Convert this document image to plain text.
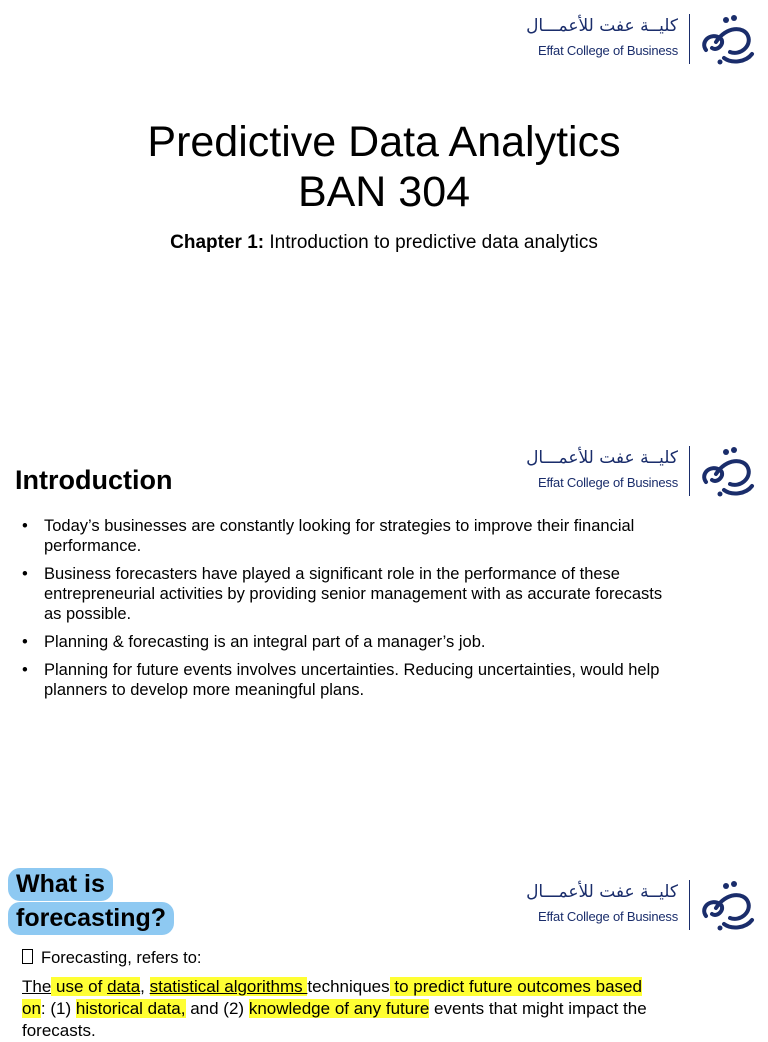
كليــة عفت للأعمـــال
Effat College of Business
Predictive Data Analytics
BAN 304
Chapter 1: Introduction to predictive data analytics
كليــة عفت للأعمـــال
Effat College of Business
Introduction
• Today’s businesses are constantly looking for strategies to improve their financial performance.
• Business forecasters have played a significant role in the performance of these entrepreneurial activities by providing senior management with as accurate forecasts as possible.
• Planning & forecasting is an integral part of a manager’s job.
• Planning for future events involves uncertainties. Reducing uncertainties, would help planners to develop more meaningful plans.
كليــة عفت للأعمـــال
Effat College of Business
What is
forecasting?
Forecasting, refers to:
The use of data, statistical algorithms techniques to predict future outcomes based on: (1) historical data, and (2) knowledge of any future events that might impact the forecasts.
